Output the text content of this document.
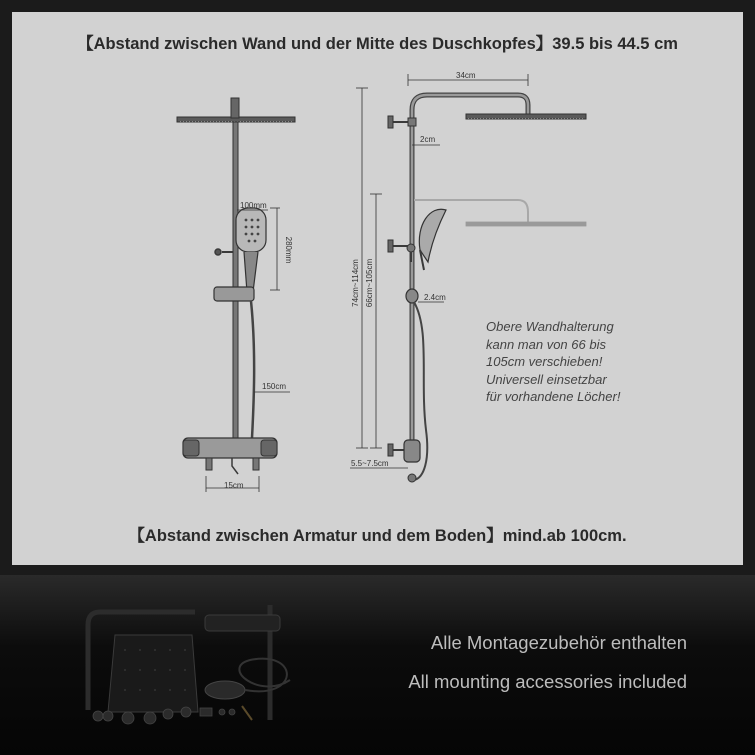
【Abstand zwischen Wand und der Mitte des Duschkopfes】39.5 bis 44.5 cm
【Abstand zwischen Armatur und dem Boden】mind.ab 100cm.
100mm
280mm
150cm
15cm
34cm
2cm
74cm~114cm 66cm~105cm	2.4cm
5.5~7.5cm
Obere Wandhalterung
kann man von 66 bis
105cm verschieben!
Universell einsetzbar
für vorhandene Löcher!
Alle Montagezubehör enthalten
All mounting accessories included
